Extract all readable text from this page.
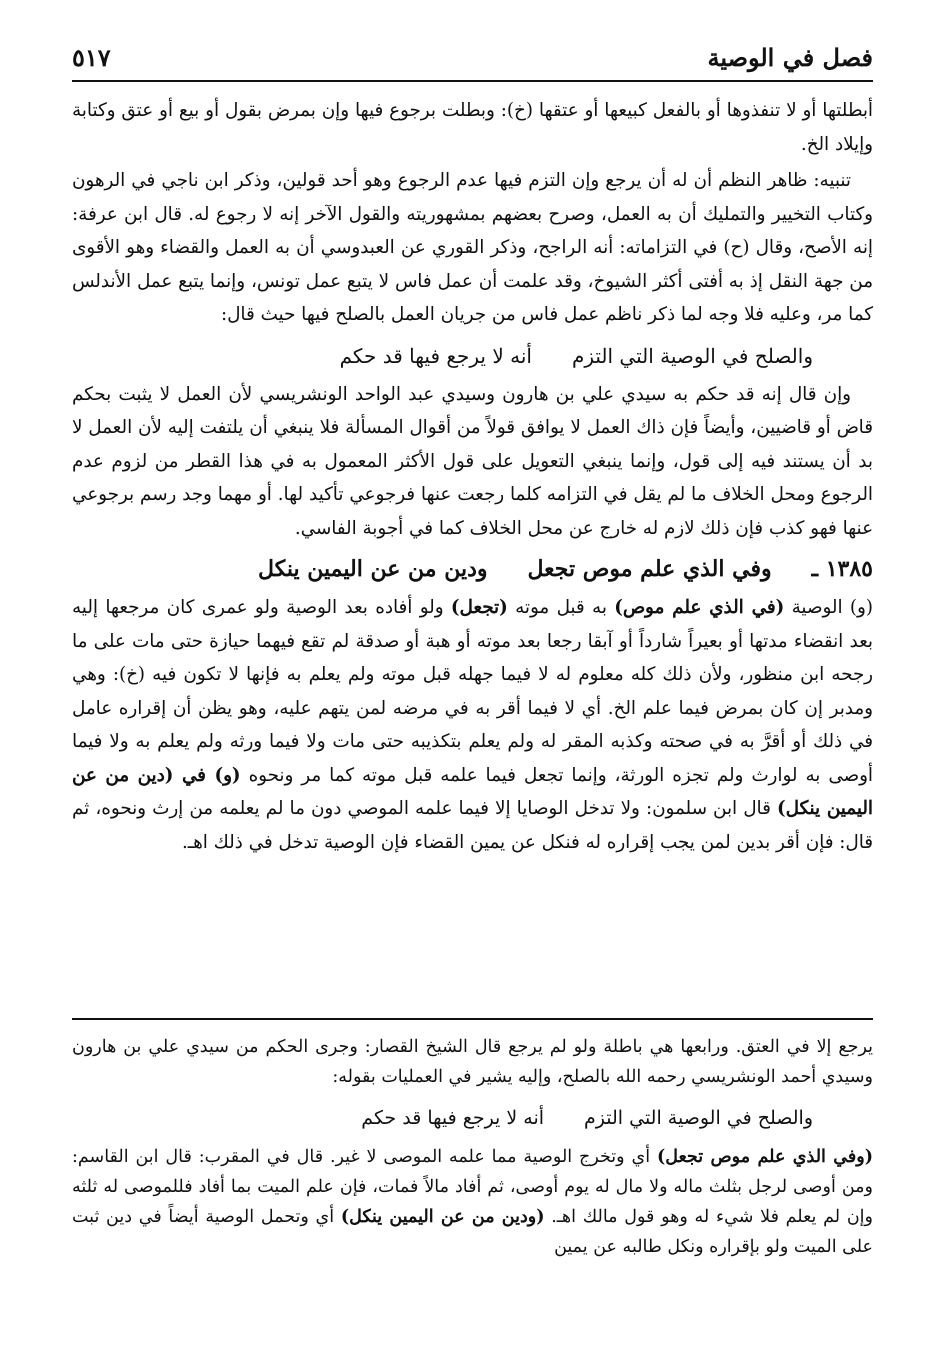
فصل في الوصية
٥١٧

أبطلتها أو لا تنفذوها أو بالفعل كبيعها أو عتقها (خ): وبطلت برجوع فيها وإن بمرض بقول أو بيع أو عتق وكتابة وإيلاد الخ.

تنبيه: ظاهر النظم أن له أن يرجع وإن التزم فيها عدم الرجوع وهو أحد قولين، وذكر ابن ناجي في الرهون وكتاب التخيير والتمليك أن به العمل، وصرح بعضهم بمشهوريته والقول الآخر إنه لا رجوع له. قال ابن عرفة: إنه الأصح، وقال (ح) في التزاماته: أنه الراجح، وذكر القوري عن العبدوسي أن به العمل والقضاء وهو الأقوى من جهة النقل إذ به أفتى أكثر الشيوخ، وقد علمت أن عمل فاس لا يتبع عمل تونس، وإنما يتبع عمل الأندلس كما مر، وعليه فلا وجه لما ذكر ناظم عمل فاس من جريان العمل بالصلح فيها حيث قال:

والصلح في الوصية التي التزم
أنه لا يرجع فيها قد حكم

وإن قال إنه قد حكم به سيدي علي بن هارون وسيدي عبد الواحد الونشريسي لأن العمل لا يثبت بحكم قاض أو قاضيين، وأيضاً فإن ذاك العمل لا يوافق قولاً من أقوال المسألة فلا ينبغي أن يلتفت إليه لأن العمل لا بد أن يستند فيه إلى قول، وإنما ينبغي التعويل على قول الأكثر المعمول به في هذا القطر من لزوم عدم الرجوع ومحل الخلاف ما لم يقل في التزامه كلما رجعت عنها فرجوعي تأكيد لها. أو مهما وجد رسم برجوعي عنها فهو كذب فإن ذلك لازم له خارج عن محل الخلاف كما في أجوبة الفاسي.

١٣٨٥ ـ
وفي الذي علم موص تجعل
ودين من عن اليمين ينكل

(و) الوصية (في الذي علم موص) به قبل موته (تجعل) ولو أفاده بعد الوصية ولو عمرى كان مرجعها إليه بعد انقضاء مدتها أو بعيراً شارداً أو آبقا رجعا بعد موته أو هبة أو صدقة لم تقع فيهما حيازة حتى مات على ما رجحه ابن منظور، ولأن ذلك كله معلوم له لا فيما جهله قبل موته ولم يعلم به فإنها لا تكون فيه (خ): وهي ومدبر إن كان بمرض فيما علم الخ. أي لا فيما أقر به في مرضه لمن يتهم عليه، وهو يظن أن إقراره عامل في ذلك أو أقرَّ به في صحته وكذبه المقر له ولم يعلم بتكذيبه حتى مات ولا فيما ورثه ولم يعلم به ولا فيما أوصى به لوارث ولم تجزه الورثة، وإنما تجعل فيما علمه قبل موته كما مر ونحوه (و) في (دين من عن اليمين ينكل) قال ابن سلمون: ولا تدخل الوصايا إلا فيما علمه الموصي دون ما لم يعلمه من إرث ونحوه، ثم قال: فإن أقر بدين لمن يجب إقراره له فنكل عن يمين القضاء فإن الوصية تدخل في ذلك اهـ.

يرجع إلا في العتق. ورابعها هي باطلة ولو لم يرجع قال الشيخ القصار: وجرى الحكم من سيدي علي بن هارون وسيدي أحمد الونشريسي رحمه الله بالصلح، وإليه يشير في العمليات بقوله:

والصلح في الوصية التي التزم
أنه لا يرجع فيها قد حكم

(وفي الذي علم موص تجعل) أي وتخرج الوصية مما علمه الموصى لا غير. قال في المقرب: قال ابن القاسم: ومن أوصى لرجل بثلث ماله ولا مال له يوم أوصى، ثم أفاد مالاً فمات، فإن علم الميت بما أفاد فللموصى له ثلثه وإن لم يعلم فلا شيء له وهو قول مالك اهـ. (ودين من عن اليمين ينكل) أي وتحمل الوصية أيضاً في دين ثبت على الميت ولو بإقراره ونكل طالبه عن يمين
